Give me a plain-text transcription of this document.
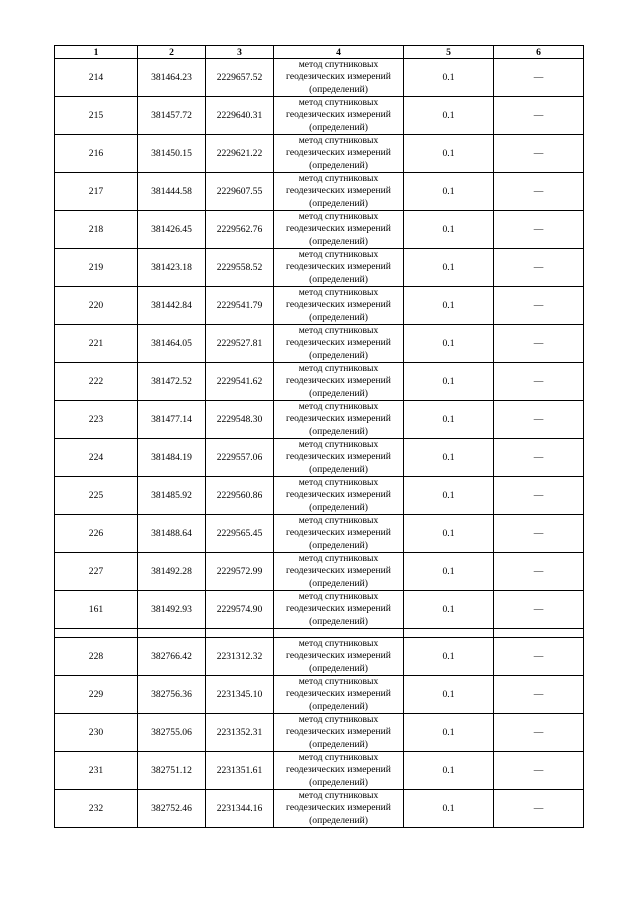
1	2	3	4	5	6
214	381464.23	2229657.52	метод спутниковых
геодезических измерений
(определений)	0.1	—
215	381457.72	2229640.31	метод спутниковых
геодезических измерений
(определений)	0.1	—
216	381450.15	2229621.22	метод спутниковых
геодезических измерений
(определений)	0.1	—
217	381444.58	2229607.55	метод спутниковых
геодезических измерений
(определений)	0.1	—
218	381426.45	2229562.76	метод спутниковых
геодезических измерений
(определений)	0.1	—
219	381423.18	2229558.52	метод спутниковых
геодезических измерений
(определений)	0.1	—
220	381442.84	2229541.79	метод спутниковых
геодезических измерений
(определений)	0.1	—
221	381464.05	2229527.81	метод спутниковых
геодезических измерений
(определений)	0.1	—
222	381472.52	2229541.62	метод спутниковых
геодезических измерений
(определений)	0.1	—
223	381477.14	2229548.30	метод спутниковых
геодезических измерений
(определений)	0.1	—
224	381484.19	2229557.06	метод спутниковых
геодезических измерений
(определений)	0.1	—
225	381485.92	2229560.86	метод спутниковых
геодезических измерений
(определений)	0.1	—
226	381488.64	2229565.45	метод спутниковых
геодезических измерений
(определений)	0.1	—
227	381492.28	2229572.99	метод спутниковых
геодезических измерений
(определений)	0.1	—
161	381492.93	2229574.90	метод спутниковых
геодезических измерений
(определений)	0.1	—

228	382766.42	2231312.32	метод спутниковых
геодезических измерений
(определений)	0.1	—
229	382756.36	2231345.10	метод спутниковых
геодезических измерений
(определений)	0.1	—
230	382755.06	2231352.31	метод спутниковых
геодезических измерений
(определений)	0.1	—
231	382751.12	2231351.61	метод спутниковых
геодезических измерений
(определений)	0.1	—
232	382752.46	2231344.16	метод спутниковых
геодезических измерений
(определений)	0.1	—
